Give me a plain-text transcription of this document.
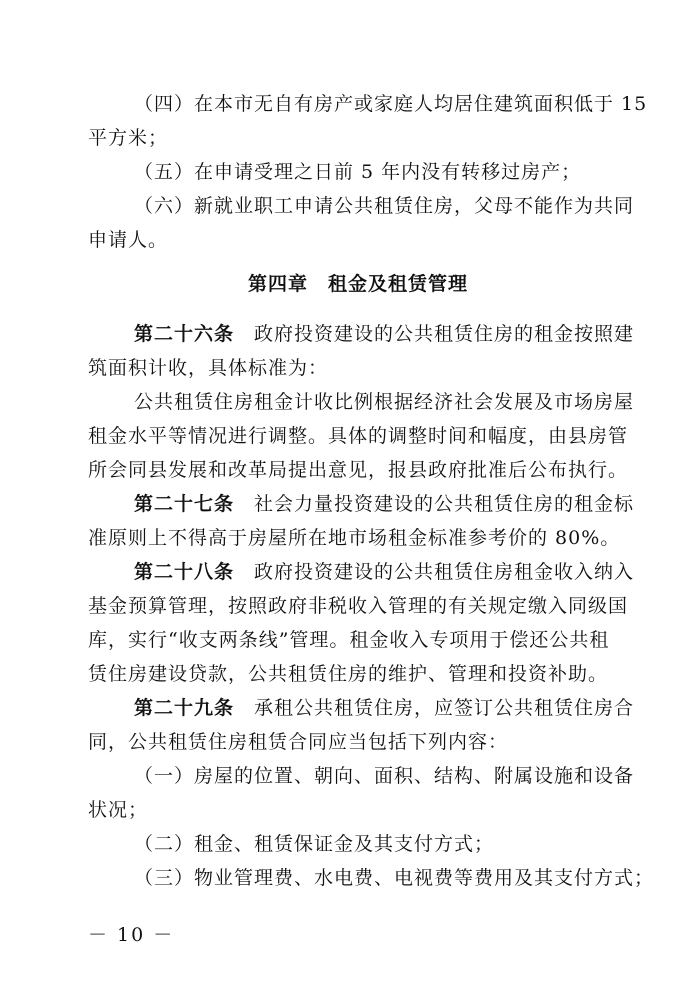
（四）在本市无自有房产或家庭人均居住建筑面积低于 15
平方米；
（五）在申请受理之日前 5 年内没有转移过房产；
（六）新就业职工申请公共租赁住房，父母不能作为共同
申请人。
第四章　租金及租赁管理
第二十六条　政府投资建设的公共租赁住房的租金按照建
筑面积计收，具体标准为：
公共租赁住房租金计收比例根据经济社会发展及市场房屋
租金水平等情况进行调整。具体的调整时间和幅度，由县房管
所会同县发展和改革局提出意见，报县政府批准后公布执行。
第二十七条　社会力量投资建设的公共租赁住房的租金标
准原则上不得高于房屋所在地市场租金标准参考价的 80%。
第二十八条　政府投资建设的公共租赁住房租金收入纳入
基金预算管理，按照政府非税收入管理的有关规定缴入同级国
库，实行“收支两条线”管理。租金收入专项用于偿还公共租
赁住房建设贷款，公共租赁住房的维护、管理和投资补助。
第二十九条　承租公共租赁住房，应签订公共租赁住房合
同，公共租赁住房租赁合同应当包括下列内容：
（一）房屋的位置、朝向、面积、结构、附属设施和设备
状况；
（二）租金、租赁保证金及其支付方式；
（三）物业管理费、水电费、电视费等费用及其支付方式；
－ 10 －
